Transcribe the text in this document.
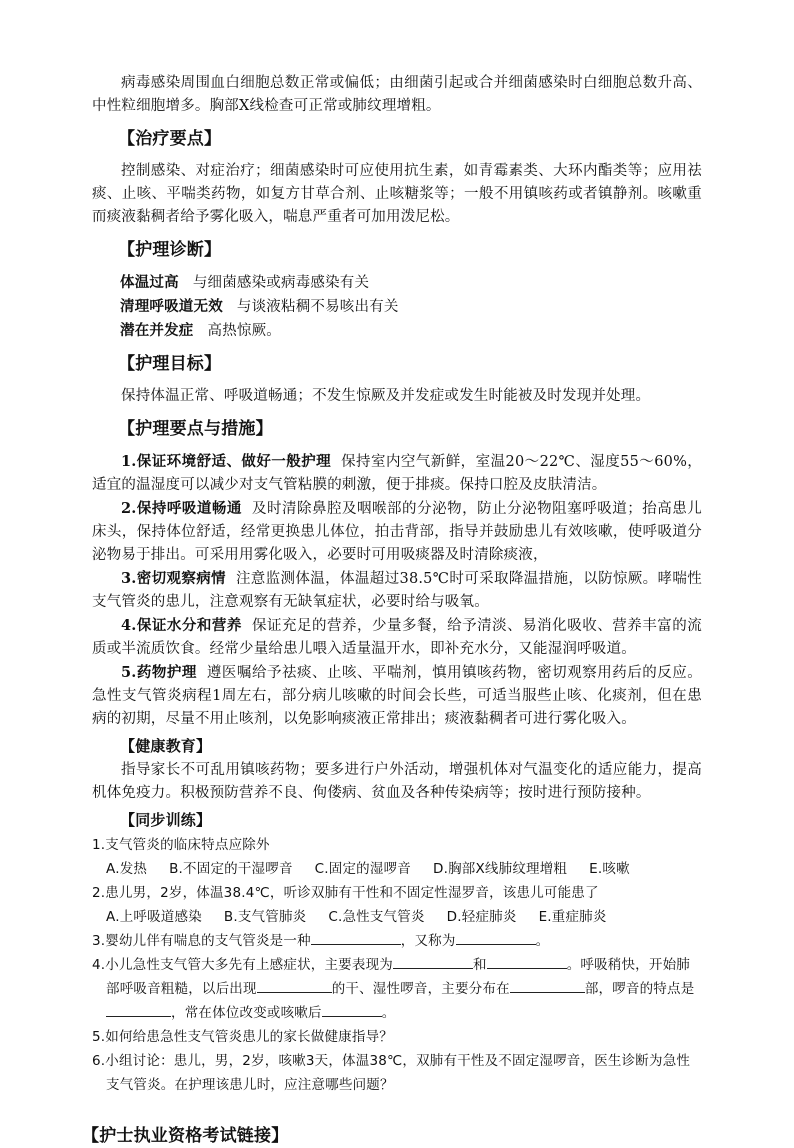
病毒感染周围血白细胞总数正常或偏低；由细菌引起或合并细菌感染时白细胞总数升高、中性粒细胞增多。胸部X线检查可正常或肺纹理增粗。

【治疗要点】

控制感染、对症治疗；细菌感染时可应使用抗生素，如青霉素类、大环内酯类等；应用祛痰、止咳、平喘类药物，如复方甘草合剂、止咳糖浆等；一般不用镇咳药或者镇静剂。咳嗽重而痰液黏稠者给予雾化吸入，喘息严重者可加用泼尼松。

【护理诊断】

体温过高 与细菌感染或病毒感染有关

清理呼吸道无效 与谈液粘稠不易咳出有关

潜在并发症 高热惊厥。

【护理目标】

保持体温正常、呼吸道畅通；不发生惊厥及并发症或发生时能被及时发现并处理。

【护理要点与措施】

1.保证环境舒适、做好一般护理 保持室内空气新鲜，室温20～22℃、湿度55～60%，适宜的温湿度可以减少对支气管粘膜的刺激，便于排痰。保持口腔及皮肤清洁。

2.保持呼吸道畅通 及时清除鼻腔及咽喉部的分泌物，防止分泌物阻塞呼吸道；抬高患儿床头，保持体位舒适，经常更换患儿体位，拍击背部，指导并鼓励患儿有效咳嗽，使呼吸道分泌物易于排出。可采用用雾化吸入，必要时可用吸痰器及时清除痰液，

3.密切观察病情 注意监测体温，体温超过38.5℃时可采取降温措施，以防惊厥。哮喘性支气管炎的患儿，注意观察有无缺氧症状，必要时给与吸氧。

4.保证水分和营养 保证充足的营养，少量多餐，给予清淡、易消化吸收、营养丰富的流质或半流质饮食。经常少量给患儿喂入适量温开水，即补充水分，又能湿润呼吸道。

5.药物护理 遵医嘱给予祛痰、止咳、平喘剂，慎用镇咳药物，密切观察用药后的反应。急性支气管炎病程1周左右，部分病儿咳嗽的时间会长些，可适当服些止咳、化痰剂，但在患病的初期，尽量不用止咳剂，以免影响痰液正常排出；痰液黏稠者可进行雾化吸入。

【健康教育】

指导家长不可乱用镇咳药物；要多进行户外活动，增强机体对气温变化的适应能力，提高机体免疫力。积极预防营养不良、佝偻病、贫血及各种传染病等；按时进行预防接种。

【同步训练】

1.支气管炎的临床特点应除外

A.发热 B.不固定的干湿啰音 C.固定的湿啰音 D.胸部X线肺纹理增粗 E.咳嗽

2.患儿男，2岁，体温38.4℃，听诊双肺有干性和不固定性湿罗音，该患儿可能患了

A.上呼吸道感染 B.支气管肺炎 C.急性支气管炎 D.轻症肺炎 E.重症肺炎

3.婴幼儿伴有喘息的支气管炎是一种	，又称为	。

4.小儿急性支气管大多先有上感症状，主要表现为	和	。呼吸稍快，开始肺部呼吸音粗糙，以后出现	的干、湿性啰音，主要分布在	部，啰音的特点是，常在体位改变或咳嗽后	。

5.如何给患急性支气管炎患儿的家长做健康指导？

6.小组讨论：患儿，男，2岁，咳嗽3天，体温38℃，双肺有干性及不固定湿啰音，医生诊断为急性支气管炎。在护理该患儿时，应注意哪些问题？

【护士执业资格考试链接】
